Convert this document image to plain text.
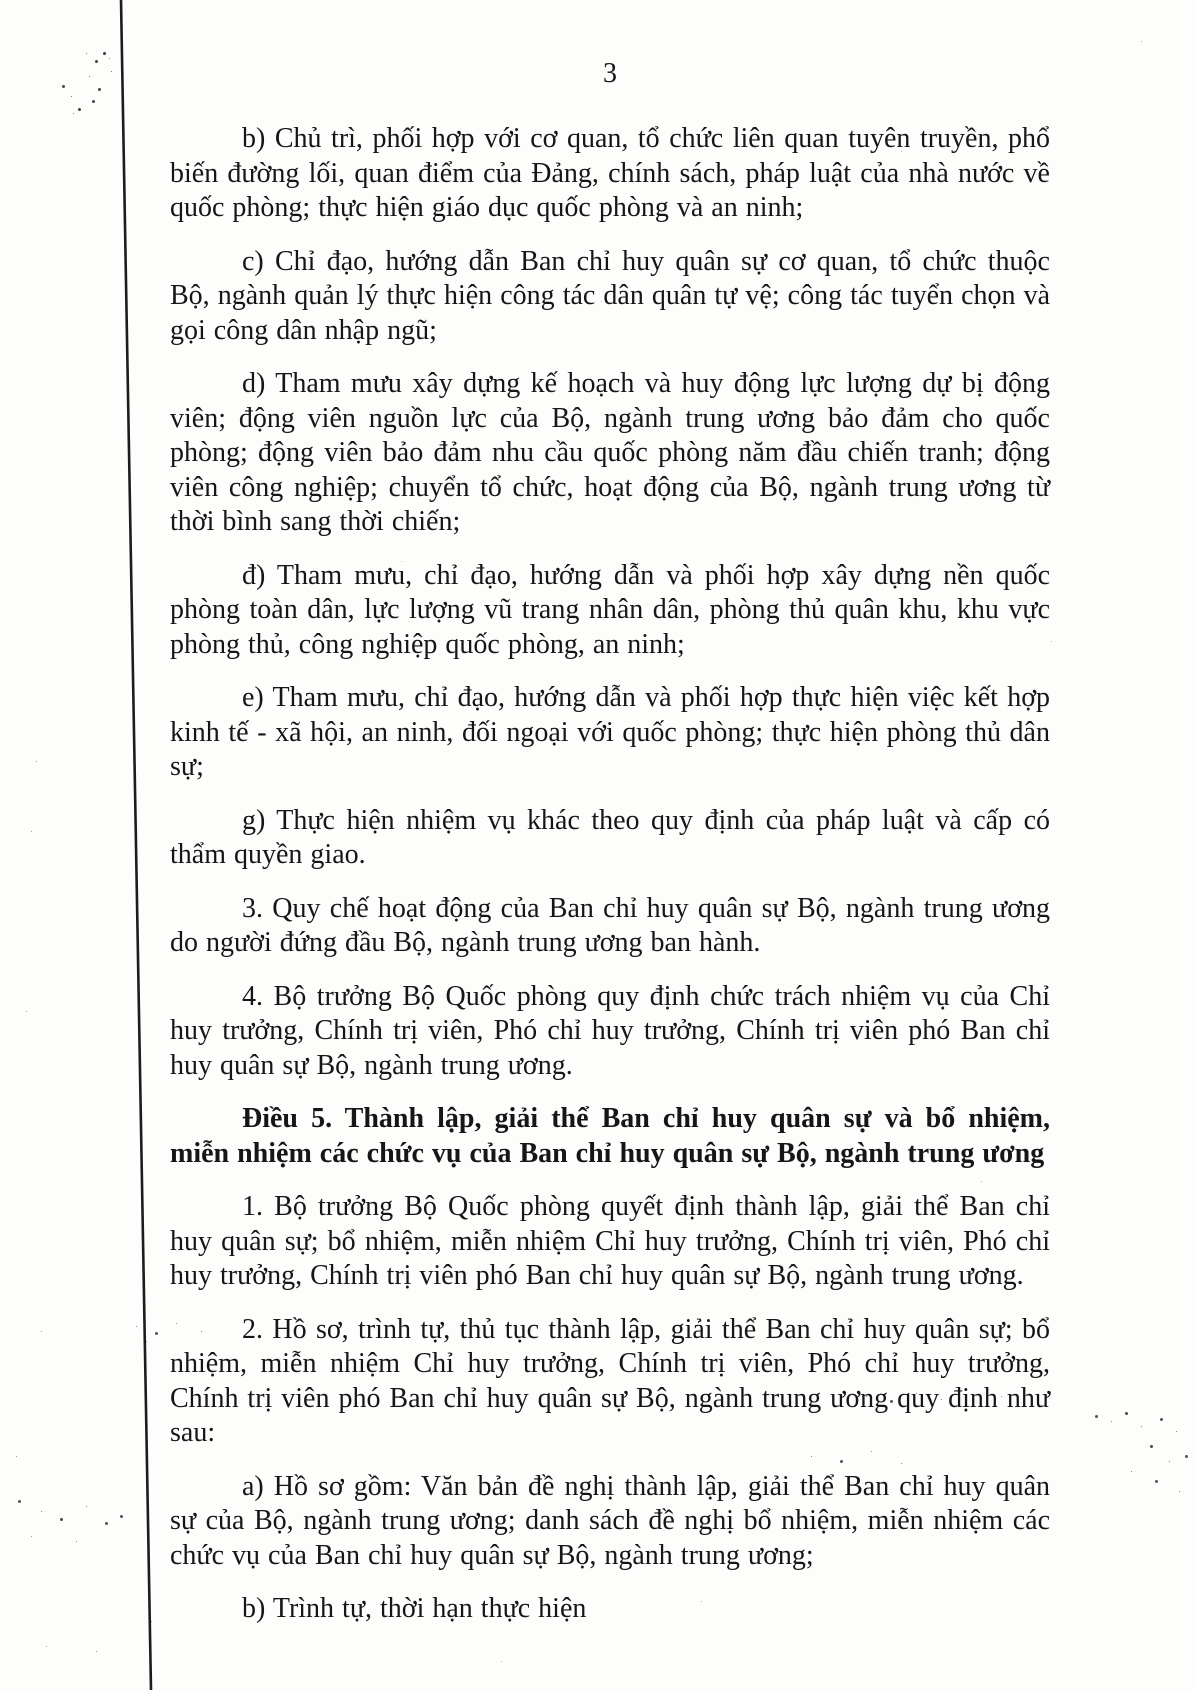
3

b) Chủ trì, phối hợp với cơ quan, tổ chức liên quan tuyên truyền, phổ biến đường lối, quan điểm của Đảng, chính sách, pháp luật của nhà nước về quốc phòng; thực hiện giáo dục quốc phòng và an ninh;

c) Chỉ đạo, hướng dẫn Ban chỉ huy quân sự cơ quan, tổ chức thuộc Bộ, ngành quản lý thực hiện công tác dân quân tự vệ; công tác tuyển chọn và gọi công dân nhập ngũ;

d) Tham mưu xây dựng kế hoạch và huy động lực lượng dự bị động viên; động viên nguồn lực của Bộ, ngành trung ương bảo đảm cho quốc phòng; động viên bảo đảm nhu cầu quốc phòng năm đầu chiến tranh; động viên công nghiệp; chuyển tổ chức, hoạt động của Bộ, ngành trung ương từ thời bình sang thời chiến;

đ) Tham mưu, chỉ đạo, hướng dẫn và phối hợp xây dựng nền quốc phòng toàn dân, lực lượng vũ trang nhân dân, phòng thủ quân khu, khu vực phòng thủ, công nghiệp quốc phòng, an ninh;

e) Tham mưu, chỉ đạo, hướng dẫn và phối hợp thực hiện việc kết hợp kinh tế - xã hội, an ninh, đối ngoại với quốc phòng; thực hiện phòng thủ dân sự;

g) Thực hiện nhiệm vụ khác theo quy định của pháp luật và cấp có thẩm quyền giao.

3. Quy chế hoạt động của Ban chỉ huy quân sự Bộ, ngành trung ương do người đứng đầu Bộ, ngành trung ương ban hành.

4. Bộ trưởng Bộ Quốc phòng quy định chức trách nhiệm vụ của Chỉ huy trưởng, Chính trị viên, Phó chỉ huy trưởng, Chính trị viên phó Ban chỉ huy quân sự Bộ, ngành trung ương.

Điều 5. Thành lập, giải thể Ban chỉ huy quân sự và bổ nhiệm, miễn nhiệm các chức vụ của Ban chỉ huy quân sự Bộ, ngành trung ương

1. Bộ trưởng Bộ Quốc phòng quyết định thành lập, giải thể Ban chỉ huy quân sự; bổ nhiệm, miễn nhiệm Chỉ huy trưởng, Chính trị viên, Phó chỉ huy trưởng, Chính trị viên phó Ban chỉ huy quân sự Bộ, ngành trung ương.

2. Hồ sơ, trình tự, thủ tục thành lập, giải thể Ban chỉ huy quân sự; bổ nhiệm, miễn nhiệm Chỉ huy trưởng, Chính trị viên, Phó chỉ huy trưởng, Chính trị viên phó Ban chỉ huy quân sự Bộ, ngành trung ương quy định như sau:

a) Hồ sơ gồm: Văn bản đề nghị thành lập, giải thể Ban chỉ huy quân sự của Bộ, ngành trung ương; danh sách đề nghị bổ nhiệm, miễn nhiệm các chức vụ của Ban chỉ huy quân sự Bộ, ngành trung ương;

b) Trình tự, thời hạn thực hiện
